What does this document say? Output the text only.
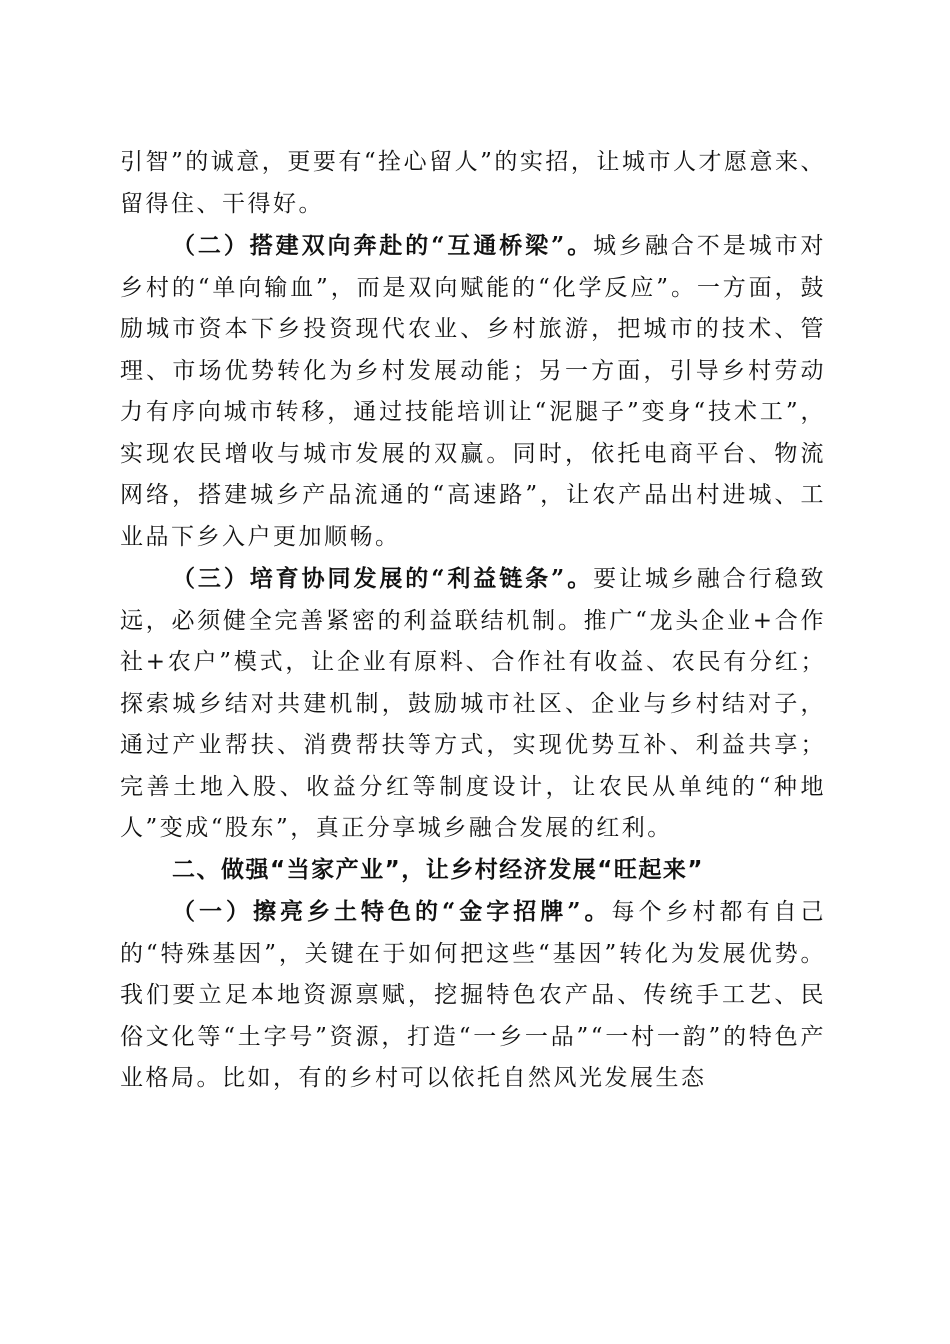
引智”的诚意，更要有“拴心留人”的实招，让城市人才愿意来、留得住、干得好。

（二）搭建双向奔赴的“互通桥梁”。城乡融合不是城市对乡村的“单向输血”，而是双向赋能的“化学反应”。一方面，鼓励城市资本下乡投资现代农业、乡村旅游，把城市的技术、管理、市场优势转化为乡村发展动能；另一方面，引导乡村劳动力有序向城市转移，通过技能培训让“泥腿子”变身“技术工”，实现农民增收与城市发展的双赢。同时，依托电商平台、物流网络，搭建城乡产品流通的“高速路”，让农产品出村进城、工业品下乡入户更加顺畅。

（三）培育协同发展的“利益链条”。要让城乡融合行稳致远，必须健全完善紧密的利益联结机制。推广“龙头企业+合作社+农户”模式，让企业有原料、合作社有收益、农民有分红；探索城乡结对共建机制，鼓励城市社区、企业与乡村结对子，通过产业帮扶、消费帮扶等方式，实现优势互补、利益共享；完善土地入股、收益分红等制度设计，让农民从单纯的“种地人”变成“股东”，真正分享城乡融合发展的红利。

二、做强“当家产业”，让乡村经济发展“旺起来”

（一）擦亮乡土特色的“金字招牌”。每个乡村都有自己的“特殊基因”，关键在于如何把这些“基因”转化为发展优势。我们要立足本地资源禀赋，挖掘特色农产品、传统手工艺、民俗文化等“土字号”资源，打造“一乡一品”“一村一韵”的特色产业格局。比如，有的乡村可以依托自然风光发展生态
